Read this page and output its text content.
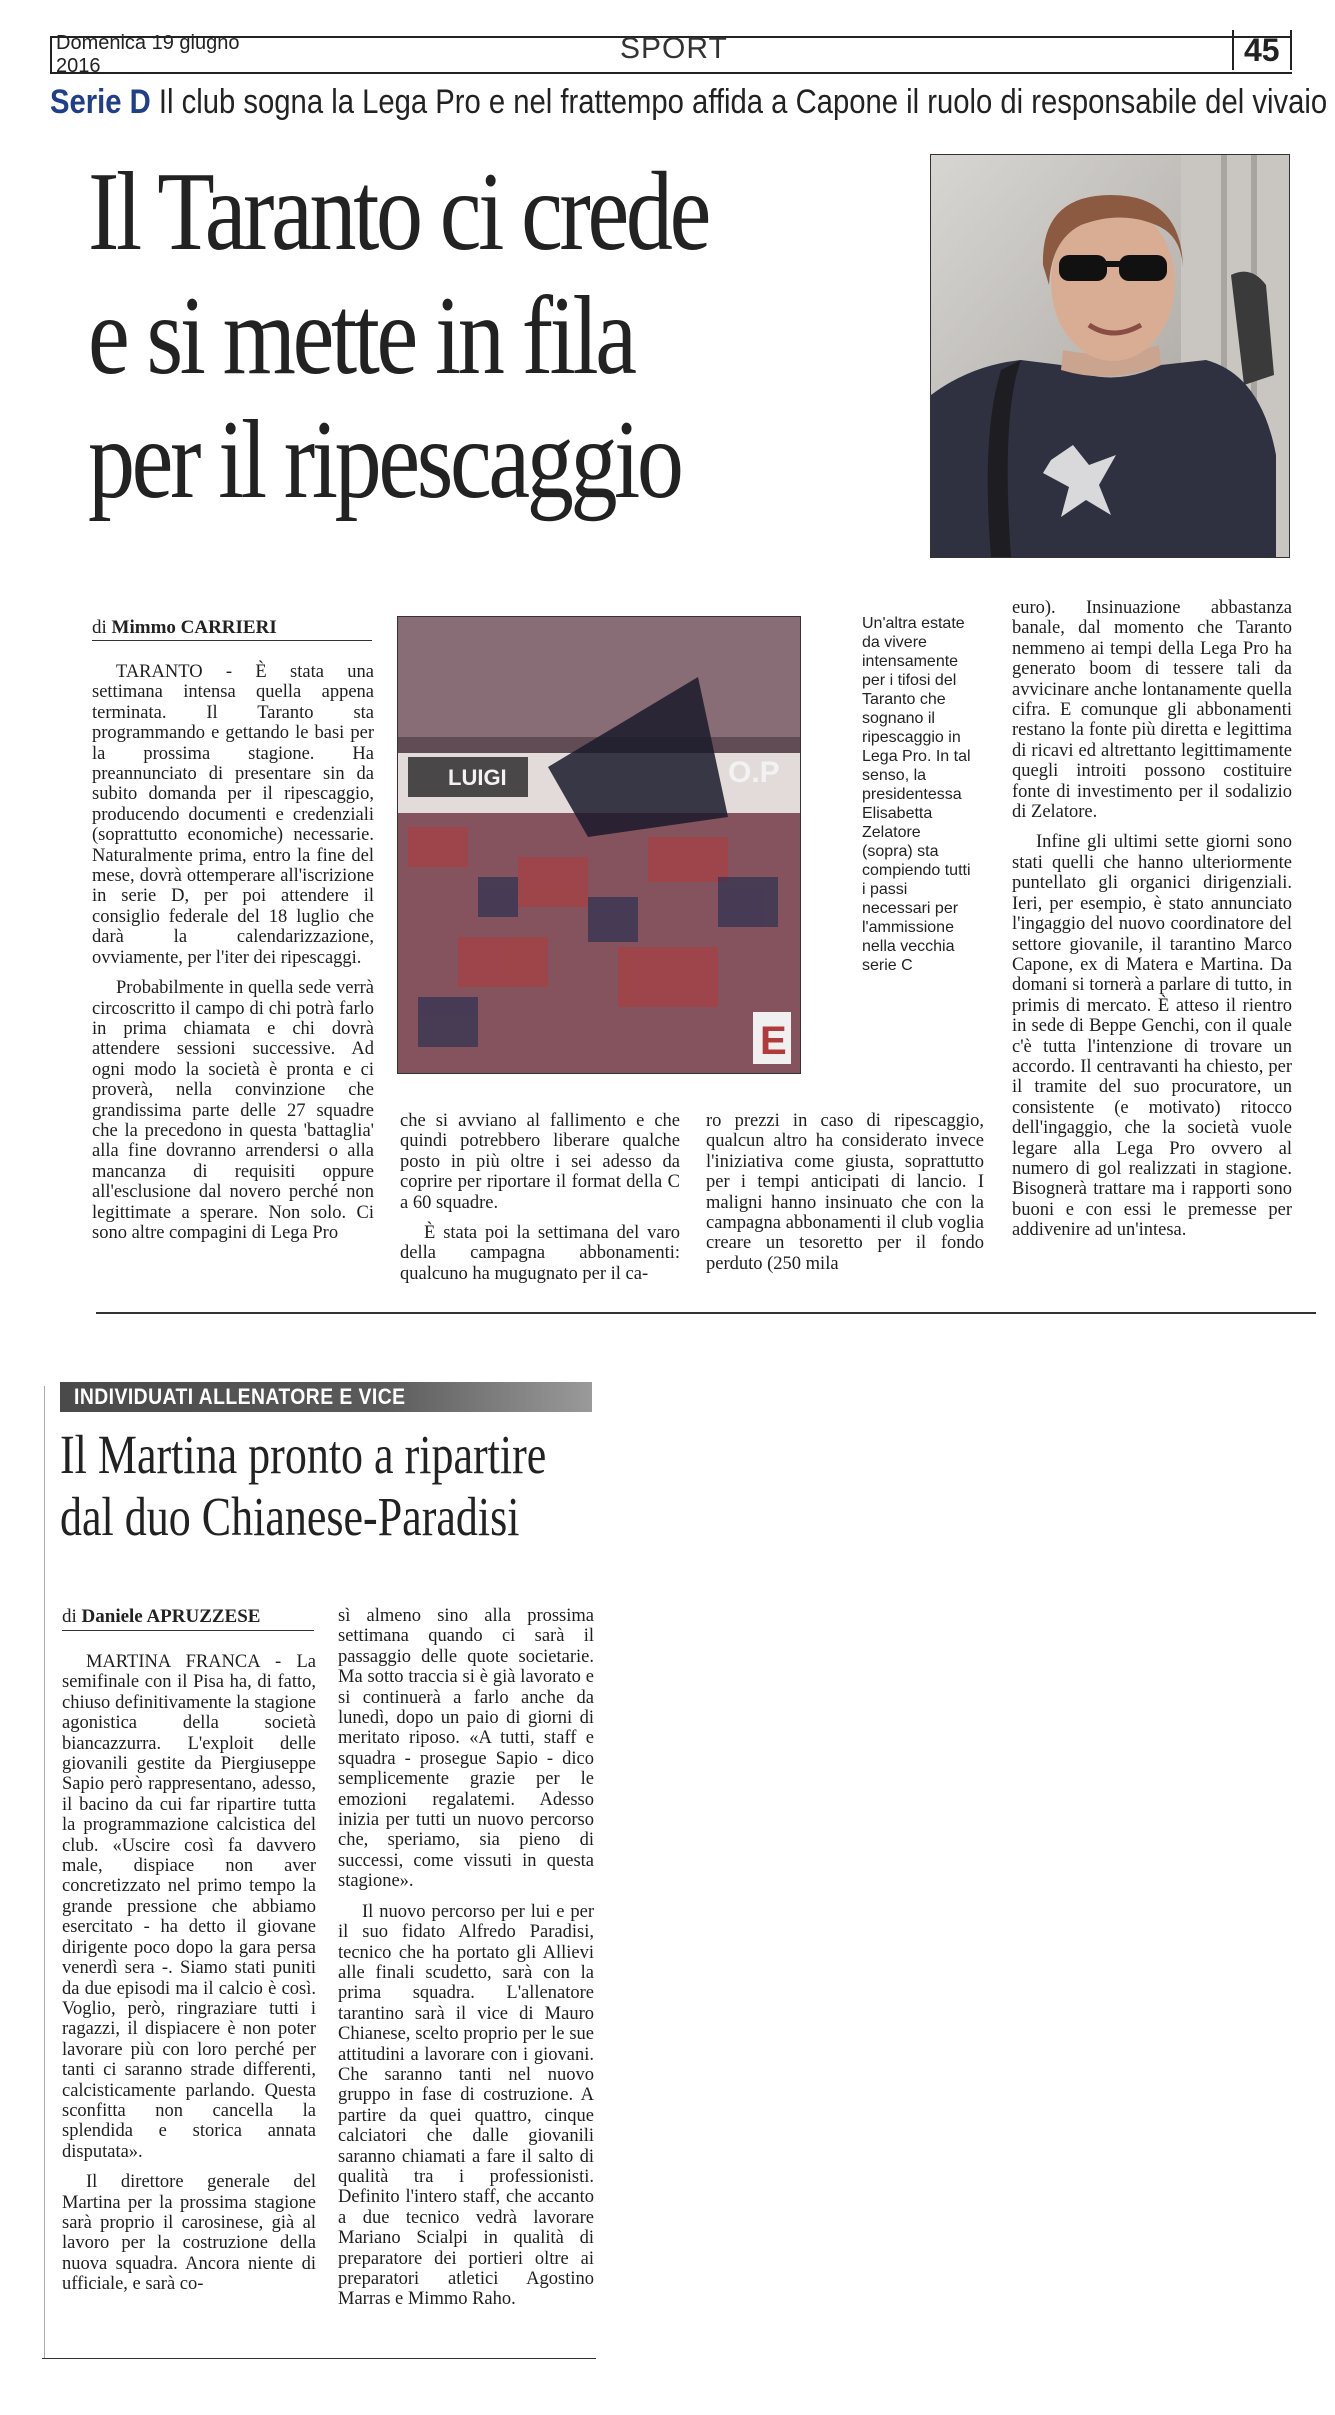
Domenica 19 giugno
2016
SPORT	45
Serie D Il club sogna la Lega Pro e nel frattempo affida a Capone il ruolo di responsabile del vivaio
Il Taranto ci crede
e si mette in fila
per il ripescaggio
di Mimmo CARRIERI

TARANTO - È stata una settimana intensa quella appena terminata. Il Taranto sta programmando e gettando le basi per la prossima stagione. Ha preannunciato di presentare sin da subito domanda per il ripescaggio, producendo documenti e credenziali (soprattutto economiche) necessarie. Naturalmente prima, entro la fine del mese, dovrà ottemperare all'iscrizione in serie D, per poi attendere il consiglio federale del 18 luglio che darà la calendarizzazione, ovviamente, per l'iter dei ripescaggi.

Probabilmente in quella sede verrà circoscritto il campo di chi potrà farlo in prima chiamata e chi dovrà attendere sessioni successive. Ad ogni modo la società è pronta e ci proverà, nella convinzione che grandissima parte delle 27 squadre che la precedono in questa 'battaglia' alla fine dovranno arrendersi o alla mancanza di requisiti oppure all'esclusione dal novero perché non legittimate a sperare. Non solo. Ci sono altre compagini di Lega Pro

LUIGI	O.P
E
Un'altra estate da vivere intensamente per i tifosi del Taranto che sognano il ripescaggio in Lega Pro. In tal senso, la presidentessa Elisabetta Zelatore (sopra) sta compiendo tutti i passi necessari per l'ammissione nella vecchia serie C

che si avviano al fallimento e che quindi potrebbero liberare qualche posto in più oltre i sei adesso da coprire per riportare il format della C a 60 squadre.

È stata poi la settimana del varo della campagna abbonamenti: qualcuno ha mugugnato per il ca-

ro prezzi in caso di ripescaggio, qualcun altro ha considerato invece l'iniziativa come giusta, soprattutto per i tempi anticipati di lancio. I maligni hanno insinuato che con la campagna abbonamenti il club voglia creare un tesoretto per il fondo perduto (250 mila

euro). Insinuazione abbastanza banale, dal momento che Taranto nemmeno ai tempi della Lega Pro ha generato boom di tessere tali da avvicinare anche lontanamente quella cifra. E comunque gli abbonamenti restano la fonte più diretta e legittima di ricavi ed altrettanto legittimamente quegli introiti possono costituire fonte di investimento per il sodalizio di Zelatore.

Infine gli ultimi sette giorni sono stati quelli che hanno ulteriormente puntellato gli organici dirigenziali. Ieri, per esempio, è stato annunciato l'ingaggio del nuovo coordinatore del settore giovanile, il tarantino Marco Capone, ex di Matera e Martina. Da domani si tornerà a parlare di tutto, in primis di mercato. È atteso il rientro in sede di Beppe Genchi, con il quale c'è tutta l'intenzione di trovare un accordo. Il centravanti ha chiesto, per il tramite del suo procuratore, un consistente (e motivato) ritocco dell'ingaggio, che la società vuole legare alla Lega Pro ovvero al numero di gol realizzati in stagione. Bisognerà trattare ma i rapporti sono buoni e con essi le premesse per addivenire ad un'intesa.

INDIVIDUATI ALLENATORE E VICE
Il Martina pronto a ripartire
dal duo Chianese-Paradisi
di Daniele APRUZZESE

MARTINA FRANCA - La semifinale con il Pisa ha, di fatto, chiuso definitivamente la stagione agonistica della società biancazzurra. L'exploit delle giovanili gestite da Piergiuseppe Sapio però rappresentano, adesso, il bacino da cui far ripartire tutta la programmazione calcistica del club. «Uscire così fa davvero male, dispiace non aver concretizzato nel primo tempo la grande pressione che abbiamo esercitato - ha detto il giovane dirigente poco dopo la gara persa venerdì sera -. Siamo stati puniti da due episodi ma il calcio è così. Voglio, però, ringraziare tutti i ragazzi, il dispiacere è non poter lavorare più con loro perché per tanti ci saranno strade differenti, calcisticamente parlando. Questa sconfitta non cancella la splendida e storica annata disputata».

Il direttore generale del Martina per la prossima stagione sarà proprio il carosinese, già al lavoro per la costruzione della nuova squadra. Ancora niente di ufficiale, e sarà co-

sì almeno sino alla prossima settimana quando ci sarà il passaggio delle quote societarie. Ma sotto traccia si è già lavorato e si continuerà a farlo anche da lunedì, dopo un paio di giorni di meritato riposo. «A tutti, staff e squadra - prosegue Sapio - dico semplicemente grazie per le emozioni regalatemi. Adesso inizia per tutti un nuovo percorso che, speriamo, sia pieno di successi, come vissuti in questa stagione».

Il nuovo percorso per lui e per il suo fidato Alfredo Paradisi, tecnico che ha portato gli Allievi alle finali scudetto, sarà con la prima squadra. L'allenatore tarantino sarà il vice di Mauro Chianese, scelto proprio per le sue attitudini a lavorare con i giovani. Che saranno tanti nel nuovo gruppo in fase di costruzione. A partire da quei quattro, cinque calciatori che dalle giovanili saranno chiamati a fare il salto di qualità tra i professionisti. Definito l'intero staff, che accanto a due tecnico vedrà lavorare Mariano Scialpi in qualità di preparatore dei portieri oltre ai preparatori atletici Agostino Marras e Mimmo Raho.
